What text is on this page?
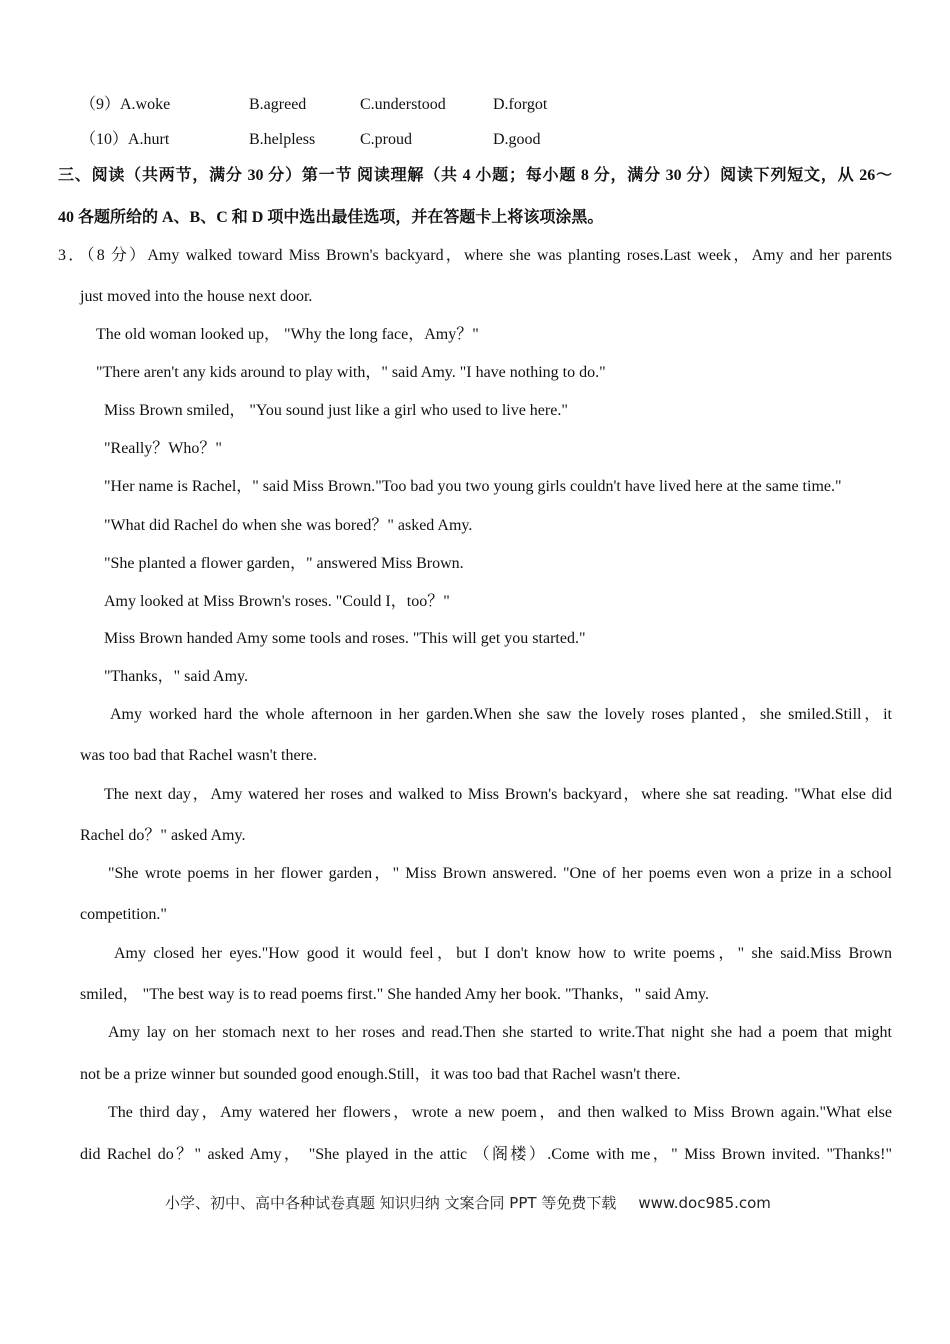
（9）A.woke	B.agreed	C.understood	D.forgot
（10）A.hurt	B.helpless	C.proud	D.good
三、阅读（共两节，满分 30 分）第一节 阅读理解（共 4 小题；每小题 8 分，满分 30 分）阅读下列短文，从 26～
40 各题所给的 A、B、C 和 D 项中选出最佳选项，并在答题卡上将该项涂黑。
3．（8 分）Amy walked toward Miss Brown's backyard，where she was planting roses.Last week，Amy and her parents
just moved into the house next door.
The old woman looked up， "Why the long face，Amy？"
"There aren't any kids around to play with，" said Amy. "I have nothing to do."
Miss Brown smiled， "You sound just like a girl who used to live here."
"Really？Who？"
"Her name is Rachel，" said Miss Brown."Too bad you two young girls couldn't have lived here at the same time."
"What did Rachel do when she was bored？" asked Amy.
"She planted a flower garden，" answered Miss Brown.
Amy looked at Miss Brown's roses. "Could I，too？"
Miss Brown handed Amy some tools and roses. "This will get you started."
"Thanks，" said Amy.
Amy worked hard the whole afternoon in her garden.When she saw the lovely roses planted，she smiled.Still，it
was too bad that Rachel wasn't there.
The next day，Amy watered her roses and walked to Miss Brown's backyard，where she sat reading. "What else did
Rachel do？" asked Amy.
"She wrote poems in her flower garden，" Miss Brown answered. "One of her poems even won a prize in a school
competition."
Amy closed her eyes."How good it would feel，but I don't know how to write poems，" she said.Miss Brown
smiled， "The best way is to read poems first." She handed Amy her book. "Thanks，" said Amy.
Amy lay on her stomach next to her roses and read.Then she started to write.That night she had a poem that might
not be a prize winner but sounded good enough.Still，it was too bad that Rachel wasn't there.
The third day，Amy watered her flowers，wrote a new poem，and then walked to Miss Brown again."What else
did Rachel do？" asked Amy， "She played in the attic （阁楼）.Come with me，" Miss Brown invited. "Thanks!"
小学、初中、高中各种试卷真题 知识归纳 文案合同 PPT 等免费下载 www.doc985.com
